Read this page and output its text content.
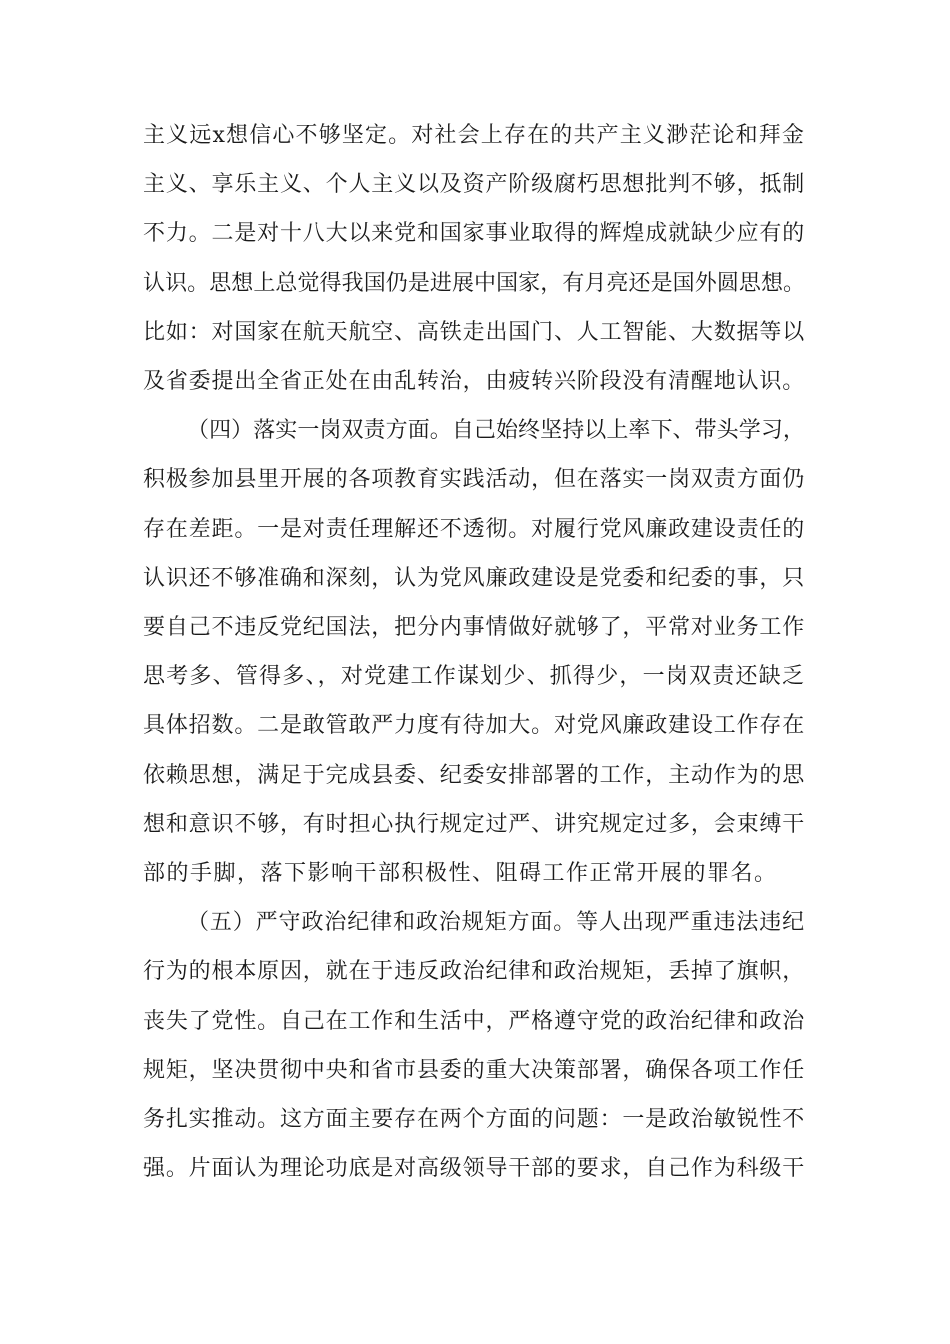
主义远x想信心不够坚定。对社会上存在的共产主义渺茫论和拜金
主义、享乐主义、个人主义以及资产阶级腐朽思想批判不够，抵制
不力。二是对十八大以来党和国家事业取得的辉煌成就缺少应有的
认识。思想上总觉得我国仍是进展中国家，有月亮还是国外圆思想。
比如：对国家在航天航空、高铁走出国门、人工智能、大数据等以
及省委提出全省正处在由乱转治，由疲转兴阶段没有清醒地认识。
（四）落实一岗双责方面。自己始终坚持以上率下、带头学习，
积极参加县里开展的各项教育实践活动，但在落实一岗双责方面仍
存在差距。一是对责任理解还不透彻。对履行党风廉政建设责任的
认识还不够准确和深刻，认为党风廉政建设是党委和纪委的事，只
要自己不违反党纪国法，把分内事情做好就够了，平常对业务工作
思考多、管得多、，对党建工作谋划少、抓得少，一岗双责还缺乏
具体招数。二是敢管敢严力度有待加大。对党风廉政建设工作存在
依赖思想，满足于完成县委、纪委安排部署的工作，主动作为的思
想和意识不够，有时担心执行规定过严、讲究规定过多，会束缚干
部的手脚，落下影响干部积极性、阻碍工作正常开展的罪名。
（五）严守政治纪律和政治规矩方面。等人出现严重违法违纪
行为的根本原因，就在于违反政治纪律和政治规矩，丢掉了旗帜，
丧失了党性。自己在工作和生活中，严格遵守党的政治纪律和政治
规矩，坚决贯彻中央和省市县委的重大决策部署，确保各项工作任
务扎实推动。这方面主要存在两个方面的问题：一是政治敏锐性不
强。片面认为理论功底是对高级领导干部的要求，自己作为科级干
